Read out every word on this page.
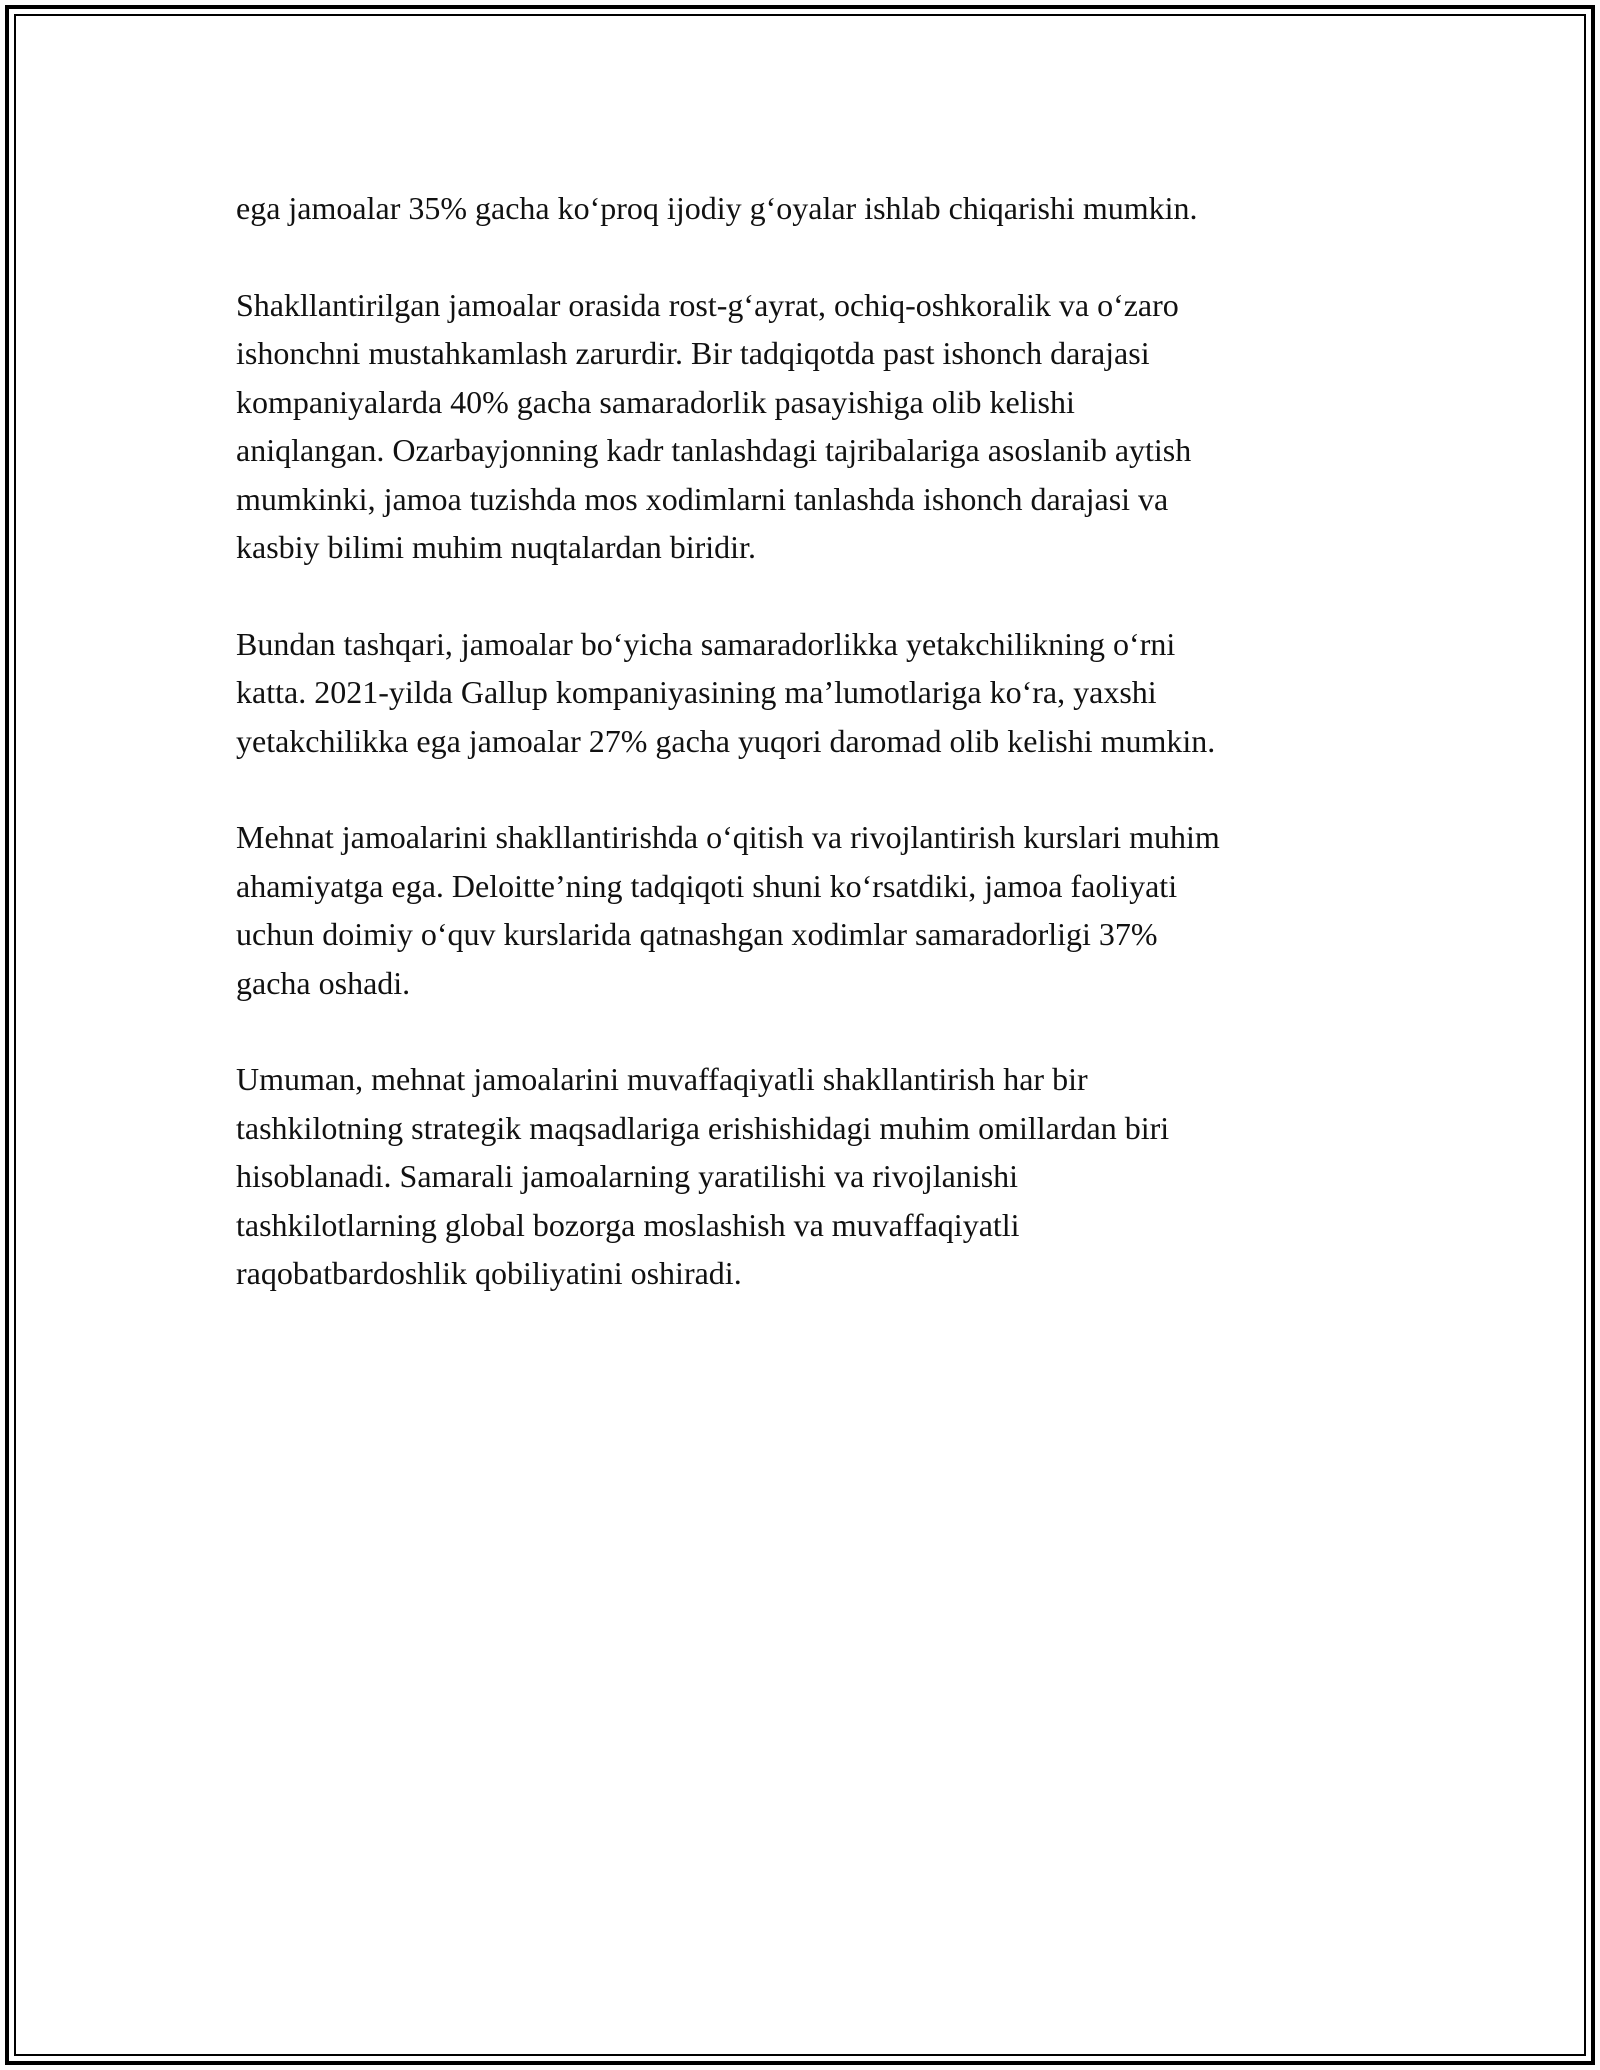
ega jamoalar 35% gacha ko‘proq ijodiy g‘oyalar ishlab chiqarishi mumkin.

Shakllantirilgan jamoalar orasida rost-g‘ayrat, ochiq-oshkoralik va o‘zaro
ishonchni mustahkamlash zarurdir. Bir tadqiqotda past ishonch darajasi
kompaniyalarda 40% gacha samaradorlik pasayishiga olib kelishi
aniqlangan. Ozarbayjonning kadr tanlashdagi tajribalariga asoslanib aytish
mumkinki, jamoa tuzishda mos xodimlarni tanlashda ishonch darajasi va
kasbiy bilimi muhim nuqtalardan biridir.

Bundan tashqari, jamoalar bo‘yicha samaradorlikka yetakchilikning o‘rni
katta. 2021-yilda Gallup kompaniyasining ma’lumotlariga ko‘ra, yaxshi
yetakchilikka ega jamoalar 27% gacha yuqori daromad olib kelishi mumkin.

Mehnat jamoalarini shakllantirishda o‘qitish va rivojlantirish kurslari muhim
ahamiyatga ega. Deloitte’ning tadqiqoti shuni ko‘rsatdiki, jamoa faoliyati
uchun doimiy o‘quv kurslarida qatnashgan xodimlar samaradorligi 37%
gacha oshadi.

Umuman, mehnat jamoalarini muvaffaqiyatli shakllantirish har bir
tashkilotning strategik maqsadlariga erishishidagi muhim omillardan biri
hisoblanadi. Samarali jamoalarning yaratilishi va rivojlanishi
tashkilotlarning global bozorga moslashish va muvaffaqiyatli
raqobatbardoshlik qobiliyatini oshiradi.
